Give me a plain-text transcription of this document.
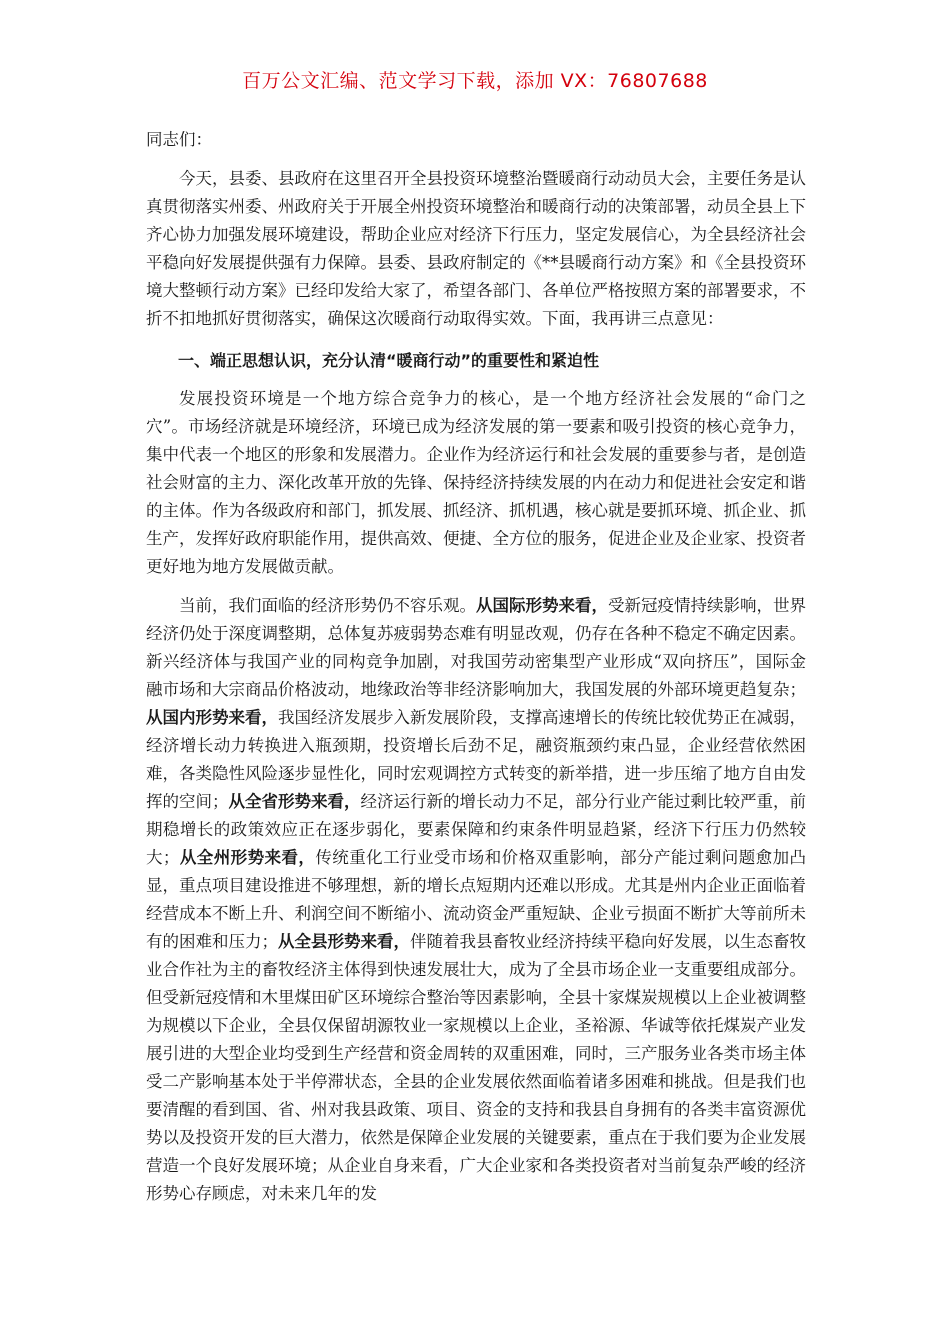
百万公文汇编、范文学习下载，添加 VX：76807688
同志们：

今天，县委、县政府在这里召开全县投资环境整治暨暖商行动动员大会，主要任务是认真贯彻落实州委、州政府关于开展全州投资环境整治和暖商行动的决策部署，动员全县上下齐心协力加强发展环境建设，帮助企业应对经济下行压力，坚定发展信心，为全县经济社会平稳向好发展提供强有力保障。县委、县政府制定的《**县暖商行动方案》和《全县投资环境大整顿行动方案》已经印发给大家了，希望各部门、各单位严格按照方案的部署要求，不折不扣地抓好贯彻落实，确保这次暖商行动取得实效。下面，我再讲三点意见：

一、端正思想认识，充分认清“暖商行动”的重要性和紧迫性

发展投资环境是一个地方综合竞争力的核心，是一个地方经济社会发展的“命门之穴”。市场经济就是环境经济，环境已成为经济发展的第一要素和吸引投资的核心竞争力，集中代表一个地区的形象和发展潜力。企业作为经济运行和社会发展的重要参与者，是创造社会财富的主力、深化改革开放的先锋、保持经济持续发展的内在动力和促进社会安定和谐的主体。作为各级政府和部门，抓发展、抓经济、抓机遇，核心就是要抓环境、抓企业、抓生产，发挥好政府职能作用，提供高效、便捷、全方位的服务，促进企业及企业家、投资者更好地为地方发展做贡献。

当前，我们面临的经济形势仍不容乐观。从国际形势来看，受新冠疫情持续影响，世界经济仍处于深度调整期，总体复苏疲弱势态难有明显改观，仍存在各种不稳定不确定因素。新兴经济体与我国产业的同构竞争加剧，对我国劳动密集型产业形成“双向挤压”，国际金融市场和大宗商品价格波动，地缘政治等非经济影响加大，我国发展的外部环境更趋复杂；从国内形势来看，我国经济发展步入新发展阶段，支撑高速增长的传统比较优势正在减弱，经济增长动力转换进入瓶颈期，投资增长后劲不足，融资瓶颈约束凸显，企业经营依然困难，各类隐性风险逐步显性化，同时宏观调控方式转变的新举措，进一步压缩了地方自由发挥的空间；从全省形势来看，经济运行新的增长动力不足，部分行业产能过剩比较严重，前期稳增长的政策效应正在逐步弱化，要素保障和约束条件明显趋紧，经济下行压力仍然较大；从全州形势来看，传统重化工行业受市场和价格双重影响，部分产能过剩问题愈加凸显，重点项目建设推进不够理想，新的增长点短期内还难以形成。尤其是州内企业正面临着经营成本不断上升、利润空间不断缩小、流动资金严重短缺、企业亏损面不断扩大等前所未有的困难和压力；从全县形势来看，伴随着我县畜牧业经济持续平稳向好发展，以生态畜牧业合作社为主的畜牧经济主体得到快速发展壮大，成为了全县市场企业一支重要组成部分。但受新冠疫情和木里煤田矿区环境综合整治等因素影响，全县十家煤炭规模以上企业被调整为规模以下企业，全县仅保留胡源牧业一家规模以上企业，圣裕源、华诚等依托煤炭产业发展引进的大型企业均受到生产经营和资金周转的双重困难，同时，三产服务业各类市场主体受二产影响基本处于半停滞状态，全县的企业发展依然面临着诸多困难和挑战。但是我们也要清醒的看到国、省、州对我县政策、项目、资金的支持和我县自身拥有的各类丰富资源优势以及投资开发的巨大潜力，依然是保障企业发展的关键要素，重点在于我们要为企业发展营造一个良好发展环境；从企业自身来看，广大企业家和各类投资者对当前复杂严峻的经济形势心存顾虑，对未来几年的发
